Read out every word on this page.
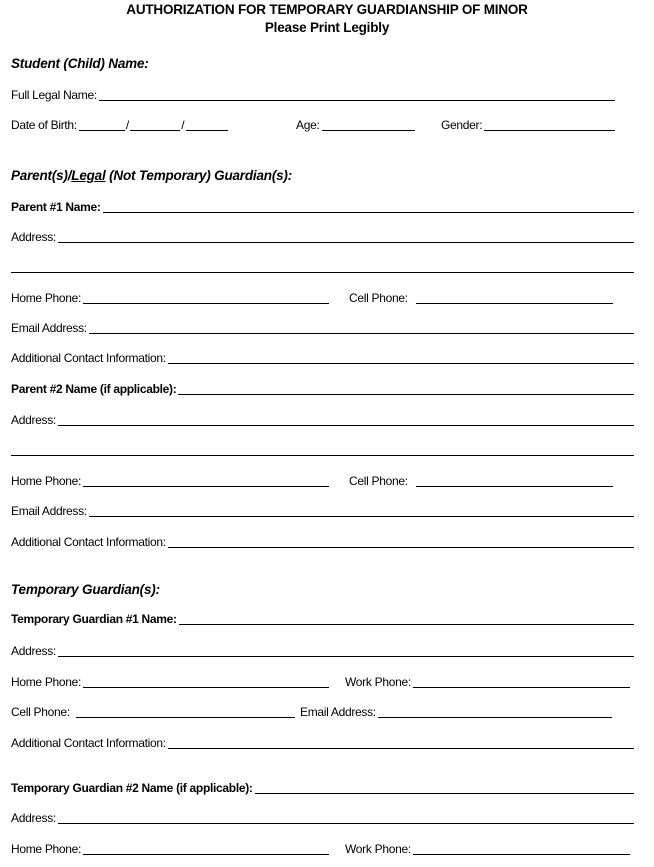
AUTHORIZATION FOR TEMPORARY GUARDIANSHIP OF MINOR
Please Print Legibly
Student (Child) Name:
Full Legal Name:
Date of Birth:	/	/	Age:	Gender:
Parent(s)/Legal (Not Temporary) Guardian(s):
Parent #1 Name:
Address:
Home Phone:	Cell Phone:
Email Address:
Additional Contact Information:
Parent #2 Name (if applicable):
Address:
Home Phone:	Cell Phone:
Email Address:
Additional Contact Information:
Temporary Guardian(s):
Temporary Guardian #1 Name:
Address:
Home Phone:	Work Phone:
Cell Phone:	Email Address:
Additional Contact Information:
Temporary Guardian #2 Name (if applicable):
Address:
Home Phone:	Work Phone:
